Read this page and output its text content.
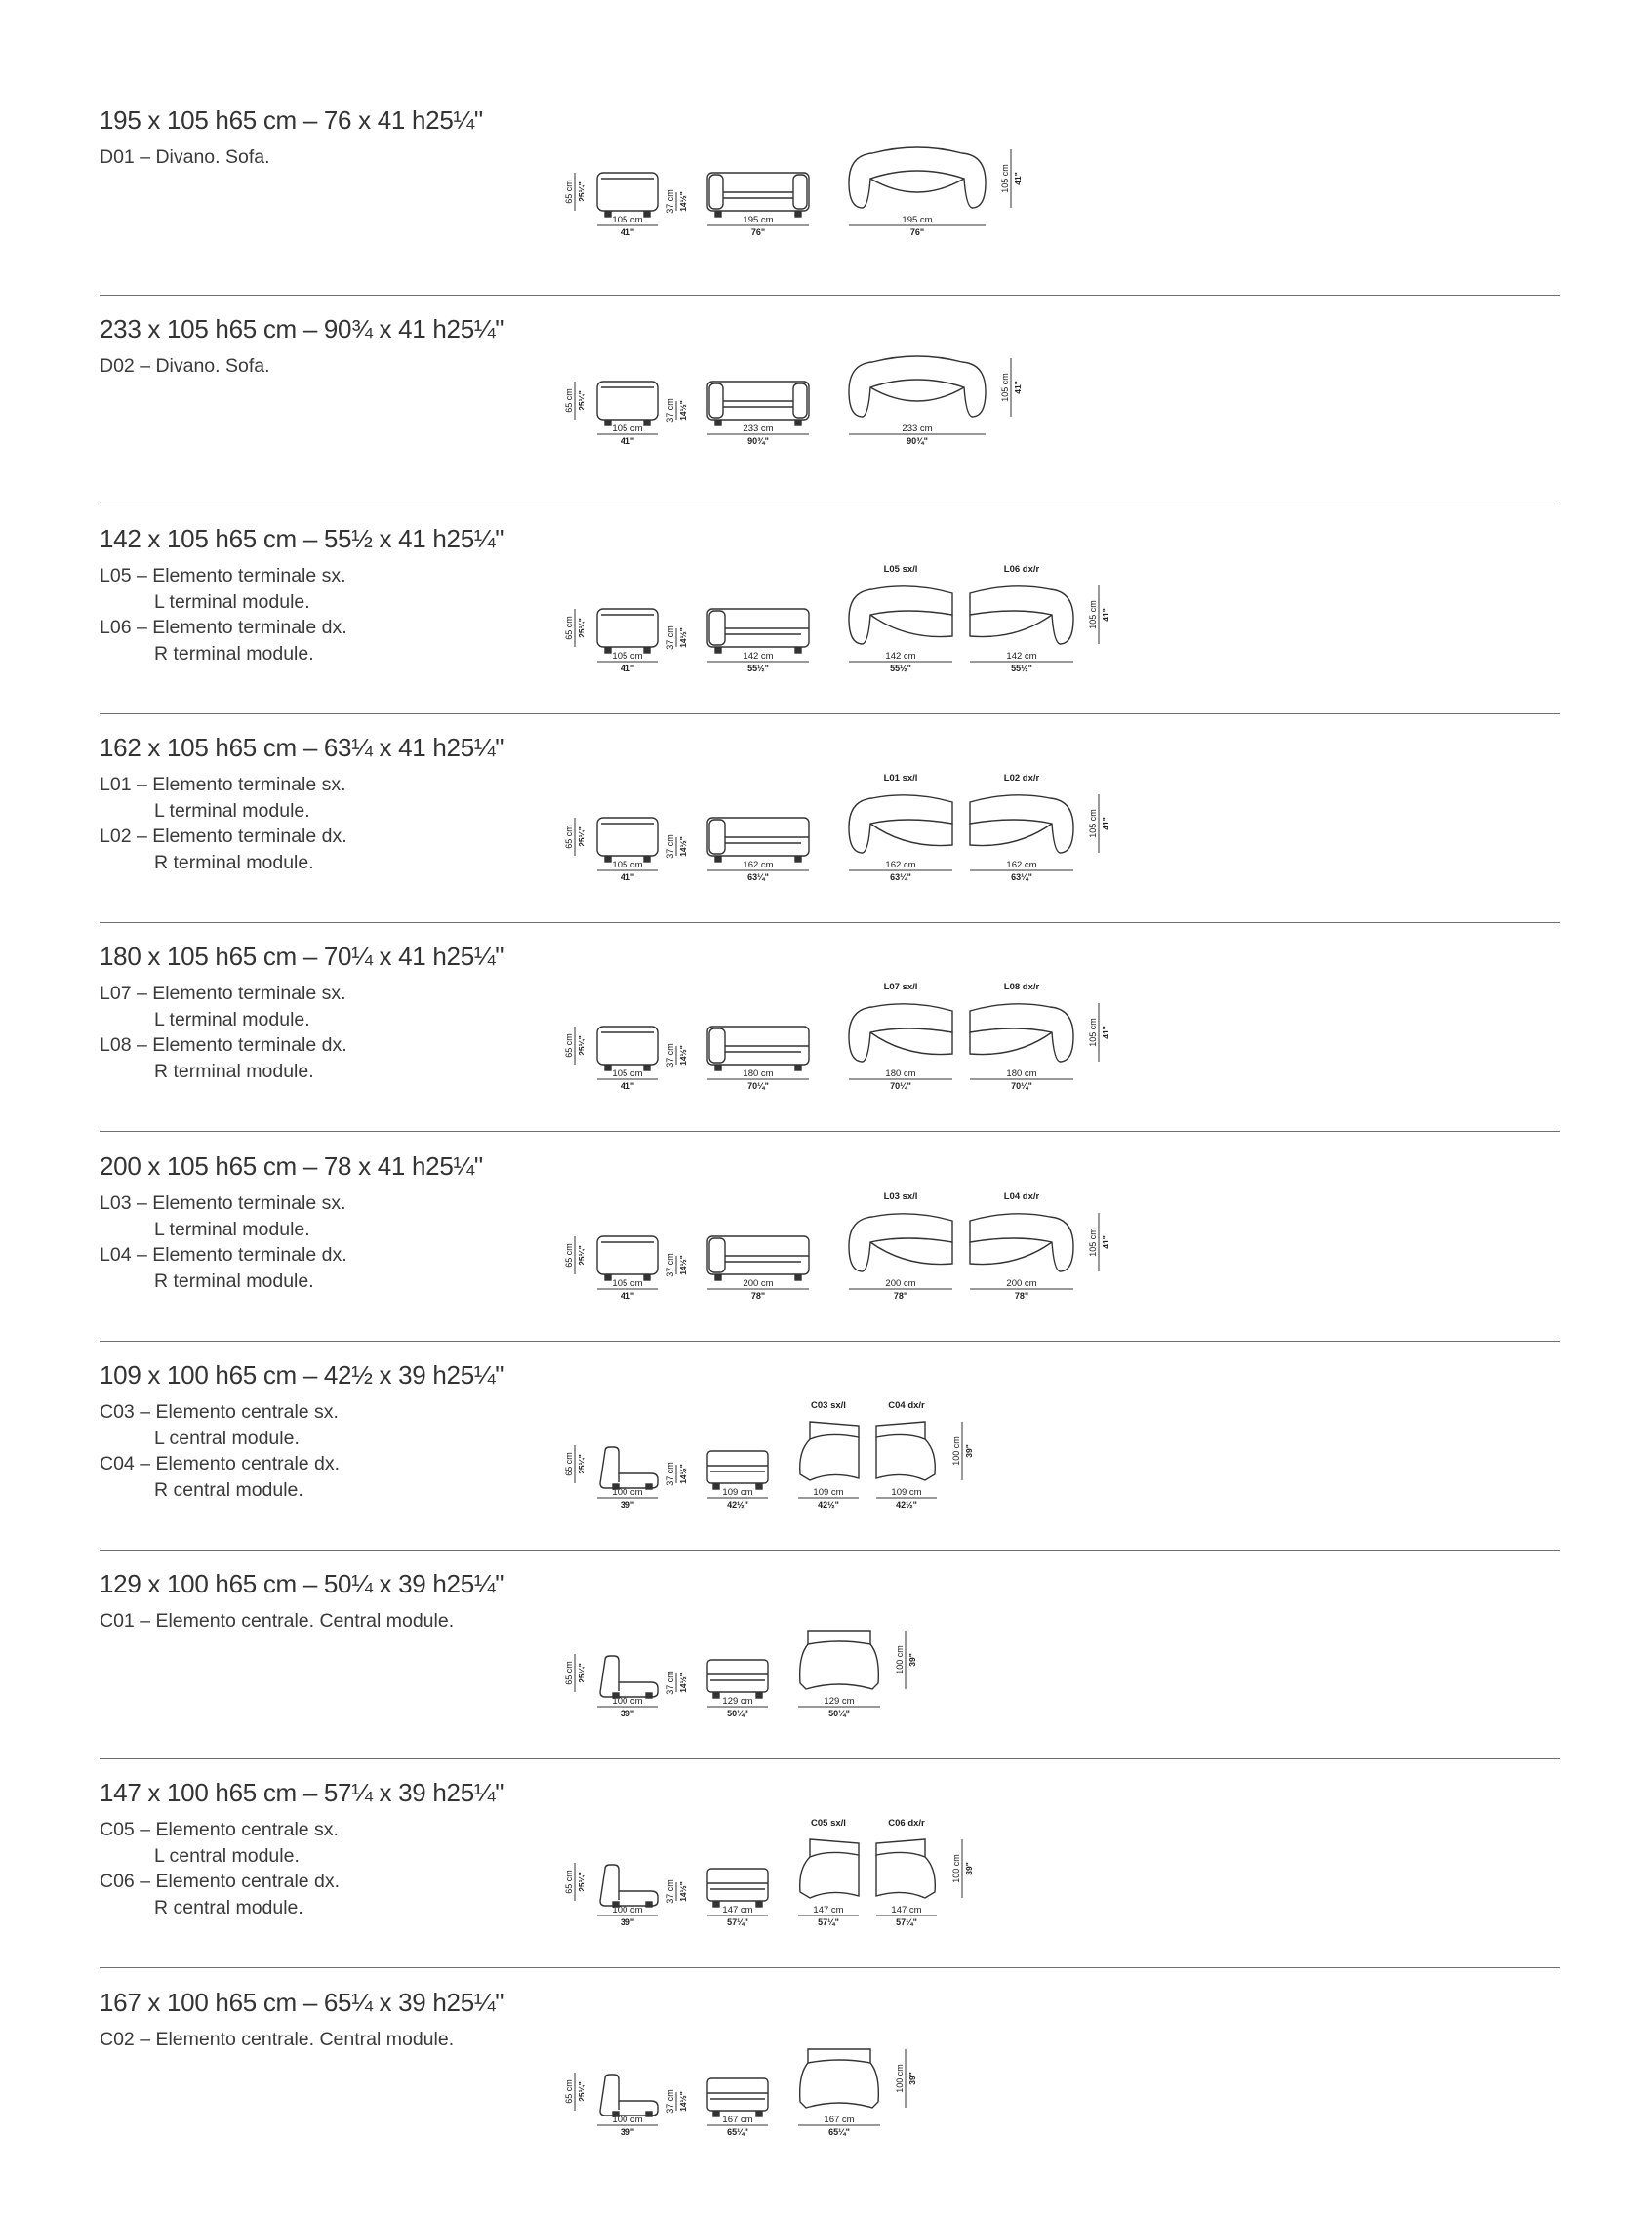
195 x 105 h65 cm – 76 x 41 h25¼"
D01 – Divano. Sofa.
65 cm 25¼"
105 cm
41"
37 cm 14½"
195 cm
76"
195 cm
76"
105 cm 41"
233 x 105 h65 cm – 90¾ x 41 h25¼"
D02 – Divano. Sofa.
65 cm 25¼"
105 cm
41"
37 cm 14½"
233 cm
90¾"
233 cm
90¾"
105 cm 41"
142 x 105 h65 cm – 55½ x 41 h25¼"
L05 – Elemento terminale sx.
L terminal module.
L06 – Elemento terminale dx.
R terminal module.
65 cm 25¼"
105 cm
41"
37 cm 14½"
142 cm
55½"
L05 sx/l
142 cm
55½"
L06 dx/r
142 cm
55½"
105 cm 41"
162 x 105 h65 cm – 63¼ x 41 h25¼"
L01 – Elemento terminale sx.
L terminal module.
L02 – Elemento terminale dx.
R terminal module.
65 cm 25¼"
105 cm
41"
37 cm 14½"
162 cm
63¼"
L01 sx/l
162 cm
63¼"
L02 dx/r
162 cm
63¼"
105 cm 41"
180 x 105 h65 cm – 70¼ x 41 h25¼"
L07 – Elemento terminale sx.
L terminal module.
L08 – Elemento terminale dx.
R terminal module.
65 cm 25¼"
105 cm
41"
37 cm 14½"
180 cm
70¼"
L07 sx/l
180 cm
70¼"
L08 dx/r
180 cm
70¼"
105 cm 41"
200 x 105 h65 cm – 78 x 41 h25¼"
L03 – Elemento terminale sx.
L terminal module.
L04 – Elemento terminale dx.
R terminal module.
65 cm 25¼"
105 cm
41"
37 cm 14½"
200 cm
78"
L03 sx/l
200 cm
78"
L04 dx/r
200 cm
78"
105 cm 41"
109 x 100 h65 cm – 42½ x 39 h25¼"
C03 – Elemento centrale sx.
L central module.
C04 – Elemento centrale dx.
R central module.
65 cm 25¼"
100 cm
39"
37 cm 14½"
109 cm
42½"
C03 sx/l
109 cm
42½"
C04 dx/r
109 cm
42½"
100 cm 39"
129 x 100 h65 cm – 50¼ x 39 h25¼"
C01 – Elemento centrale. Central module.
65 cm 25¼"
100 cm
39"
37 cm 14½"
129 cm
50¼"
129 cm
50¼"
100 cm 39"
147 x 100 h65 cm – 57¼ x 39 h25¼"
C05 – Elemento centrale sx.
L central module.
C06 – Elemento centrale dx.
R central module.
65 cm 25¼"
100 cm
39"
37 cm 14½"
147 cm
57¼"
C05 sx/l
147 cm
57¼"
C06 dx/r
147 cm
57¼"
100 cm 39"
167 x 100 h65 cm – 65¼ x 39 h25¼"
C02 – Elemento centrale. Central module.
65 cm 25¼"
100 cm
39"
37 cm 14½"
167 cm
65¼"
167 cm
65¼"
100 cm 39"
